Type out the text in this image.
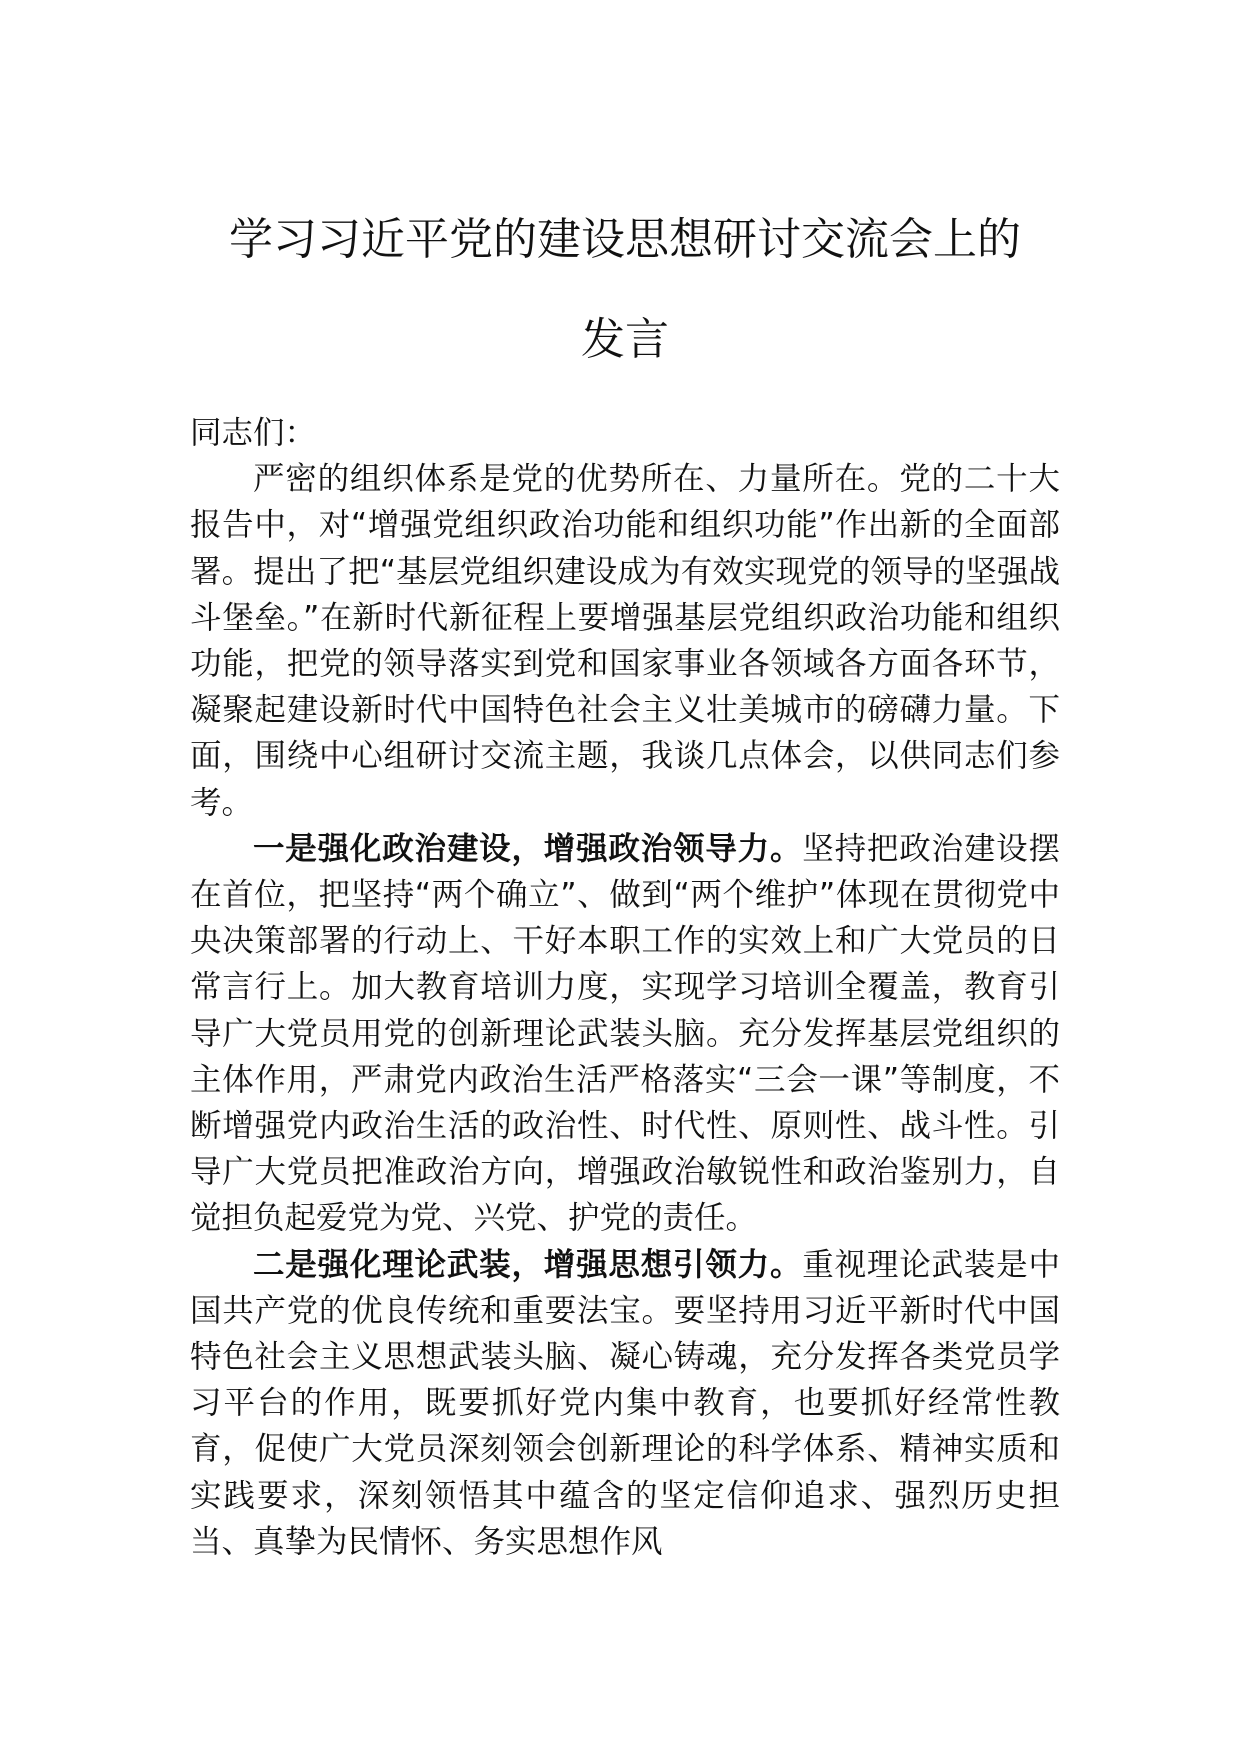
学习习近平党的建设思想研讨交流会上的
发言

同志们：

严密的组织体系是党的优势所在、力量所在。党的二十大报告中，对“增强党组织政治功能和组织功能”作出新的全面部署。提出了把“基层党组织建设成为有效实现党的领导的坚强战斗堡垒。”在新时代新征程上要增强基层党组织政治功能和组织功能，把党的领导落实到党和国家事业各领域各方面各环节，凝聚起建设新时代中国特色社会主义壮美城市的磅礴力量。下面，围绕中心组研讨交流主题，我谈几点体会，以供同志们参考。

一是强化政治建设，增强政治领导力。坚持把政治建设摆在首位，把坚持“两个确立”、做到“两个维护”体现在贯彻党中央决策部署的行动上、干好本职工作的实效上和广大党员的日常言行上。加大教育培训力度，实现学习培训全覆盖，教育引导广大党员用党的创新理论武装头脑。充分发挥基层党组织的主体作用，严肃党内政治生活严格落实“三会一课”等制度，不断增强党内政治生活的政治性、时代性、原则性、战斗性。引导广大党员把准政治方向，增强政治敏锐性和政治鉴别力，自觉担负起爱党为党、兴党、护党的责任。

二是强化理论武装，增强思想引领力。重视理论武装是中国共产党的优良传统和重要法宝。要坚持用习近平新时代中国特色社会主义思想武装头脑、凝心铸魂，充分发挥各类党员学习平台的作用，既要抓好党内集中教育，也要抓好经常性教育，促使广大党员深刻领会创新理论的科学体系、精神实质和实践要求，深刻领悟其中蕴含的坚定信仰追求、强烈历史担当、真挚为民情怀、务实思想作风
